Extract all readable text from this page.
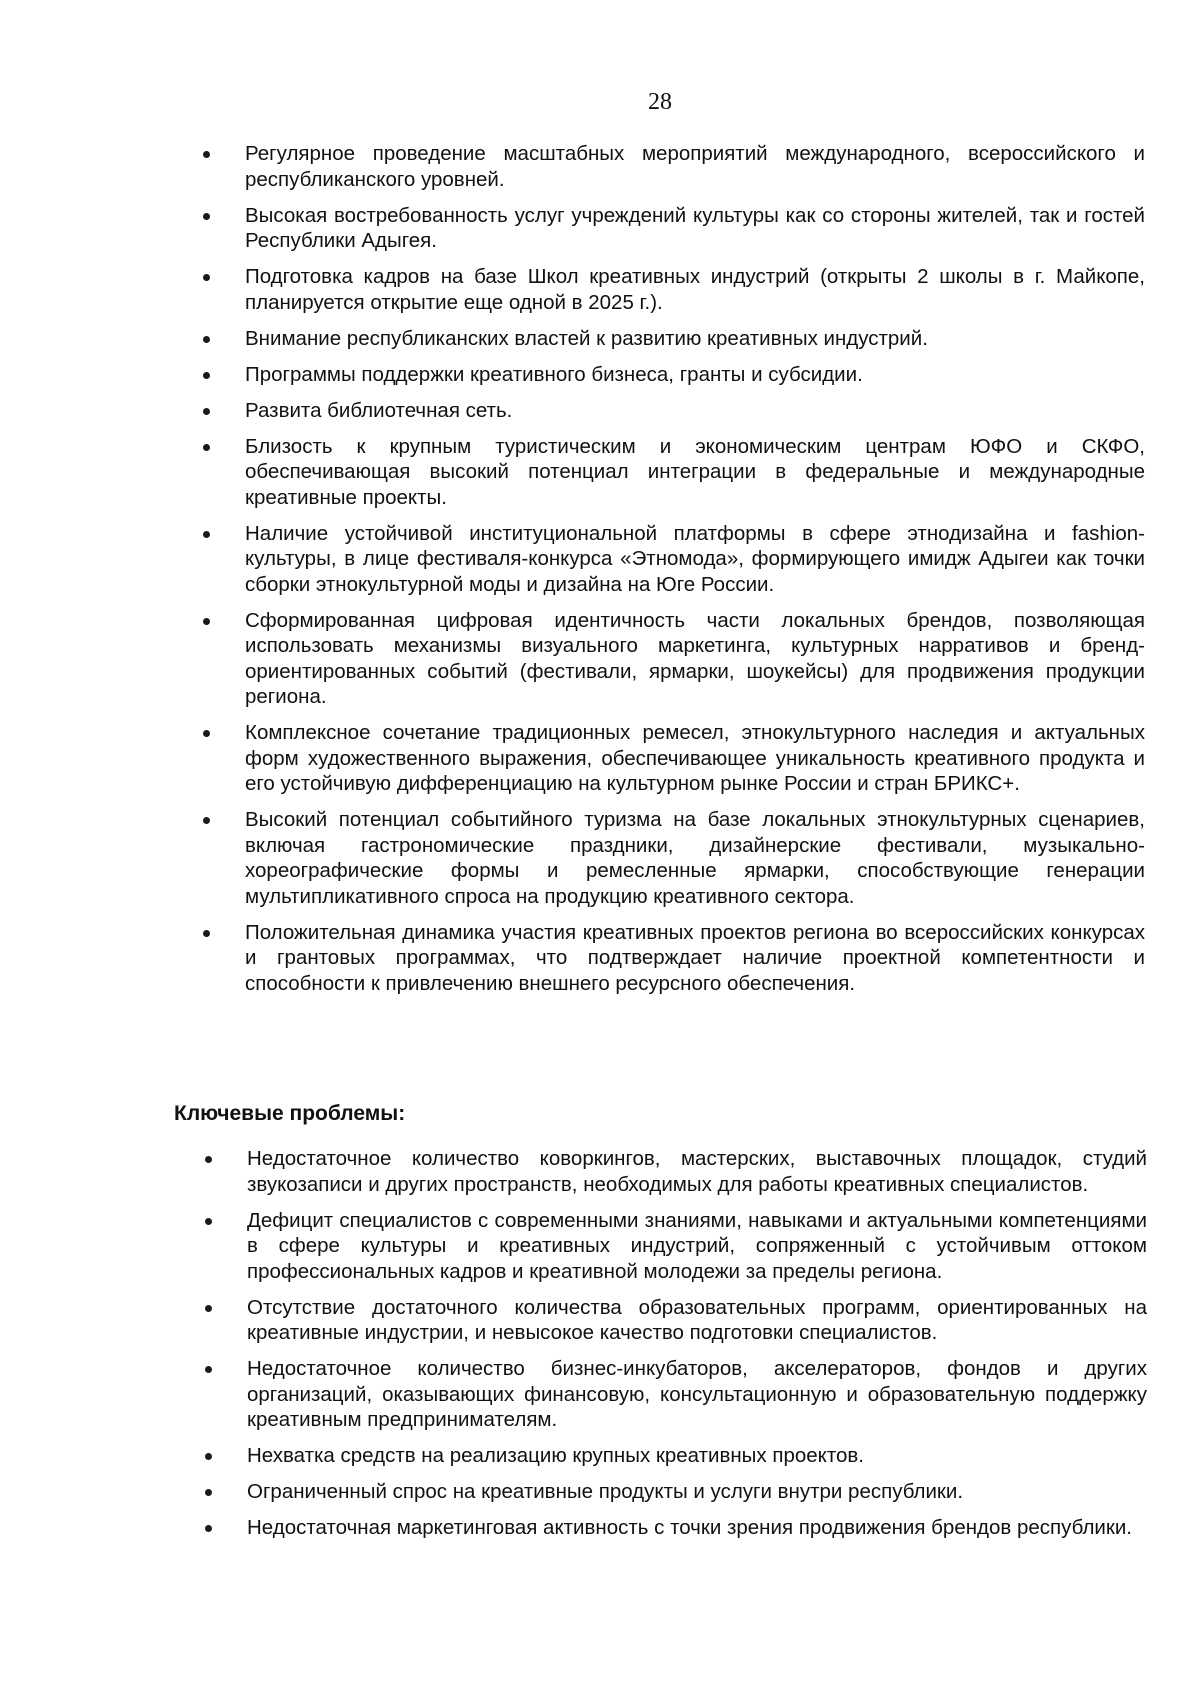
28
Регулярное проведение масштабных мероприятий международного, всероссийского и республиканского уровней.
Высокая востребованность услуг учреждений культуры как со стороны жителей, так и гостей Республики Адыгея.
Подготовка кадров на базе Школ креативных индустрий (открыты 2 школы в г. Майкопе, планируется открытие еще одной в 2025 г.).
Внимание республиканских властей к развитию креативных индустрий.
Программы поддержки креативного бизнеса, гранты и субсидии.
Развита библиотечная сеть.
Близость к крупным туристическим и экономическим центрам ЮФО и СКФО, обеспечивающая высокий потенциал интеграции в федеральные и международные креативные проекты.
Наличие устойчивой институциональной платформы в сфере этнодизайна и fashion-культуры, в лице фестиваля-конкурса «Этномода», формирующего имидж Адыгеи как точки сборки этнокультурной моды и дизайна на Юге России.
Сформированная цифровая идентичность части локальных брендов, позволяющая использовать механизмы визуального маркетинга, культурных нарративов и бренд-ориентированных событий (фестивали, ярмарки, шоукейсы) для продвижения продукции региона.
Комплексное сочетание традиционных ремесел, этнокультурного наследия и актуальных форм художественного выражения, обеспечивающее уникальность креативного продукта и его устойчивую дифференциацию на культурном рынке России и стран БРИКС+.
Высокий потенциал событийного туризма на базе локальных этнокультурных сценариев, включая гастрономические праздники, дизайнерские фестивали, музыкально-хореографические формы и ремесленные ярмарки, способствующие генерации мультипликативного спроса на продукцию креативного сектора.
Положительная динамика участия креативных проектов региона во всероссийских конкурсах и грантовых программах, что подтверждает наличие проектной компетентности и способности к привлечению внешнего ресурсного обеспечения.
Ключевые проблемы:
Недостаточное количество коворкингов, мастерских, выставочных площадок, студий звукозаписи и других пространств, необходимых для работы креативных специалистов.
Дефицит специалистов с современными знаниями, навыками и актуальными компетенциями в сфере культуры и креативных индустрий, сопряженный с устойчивым оттоком профессиональных кадров и креативной молодежи за пределы региона.
Отсутствие достаточного количества образовательных программ, ориентированных на креативные индустрии, и невысокое качество подготовки специалистов.
Недостаточное количество бизнес-инкубаторов, акселераторов, фондов и других организаций, оказывающих финансовую, консультационную и образовательную поддержку креативным предпринимателям.
Нехватка средств на реализацию крупных креативных проектов.
Ограниченный спрос на креативные продукты и услуги внутри республики.
Недостаточная маркетинговая активность с точки зрения продвижения брендов республики.
